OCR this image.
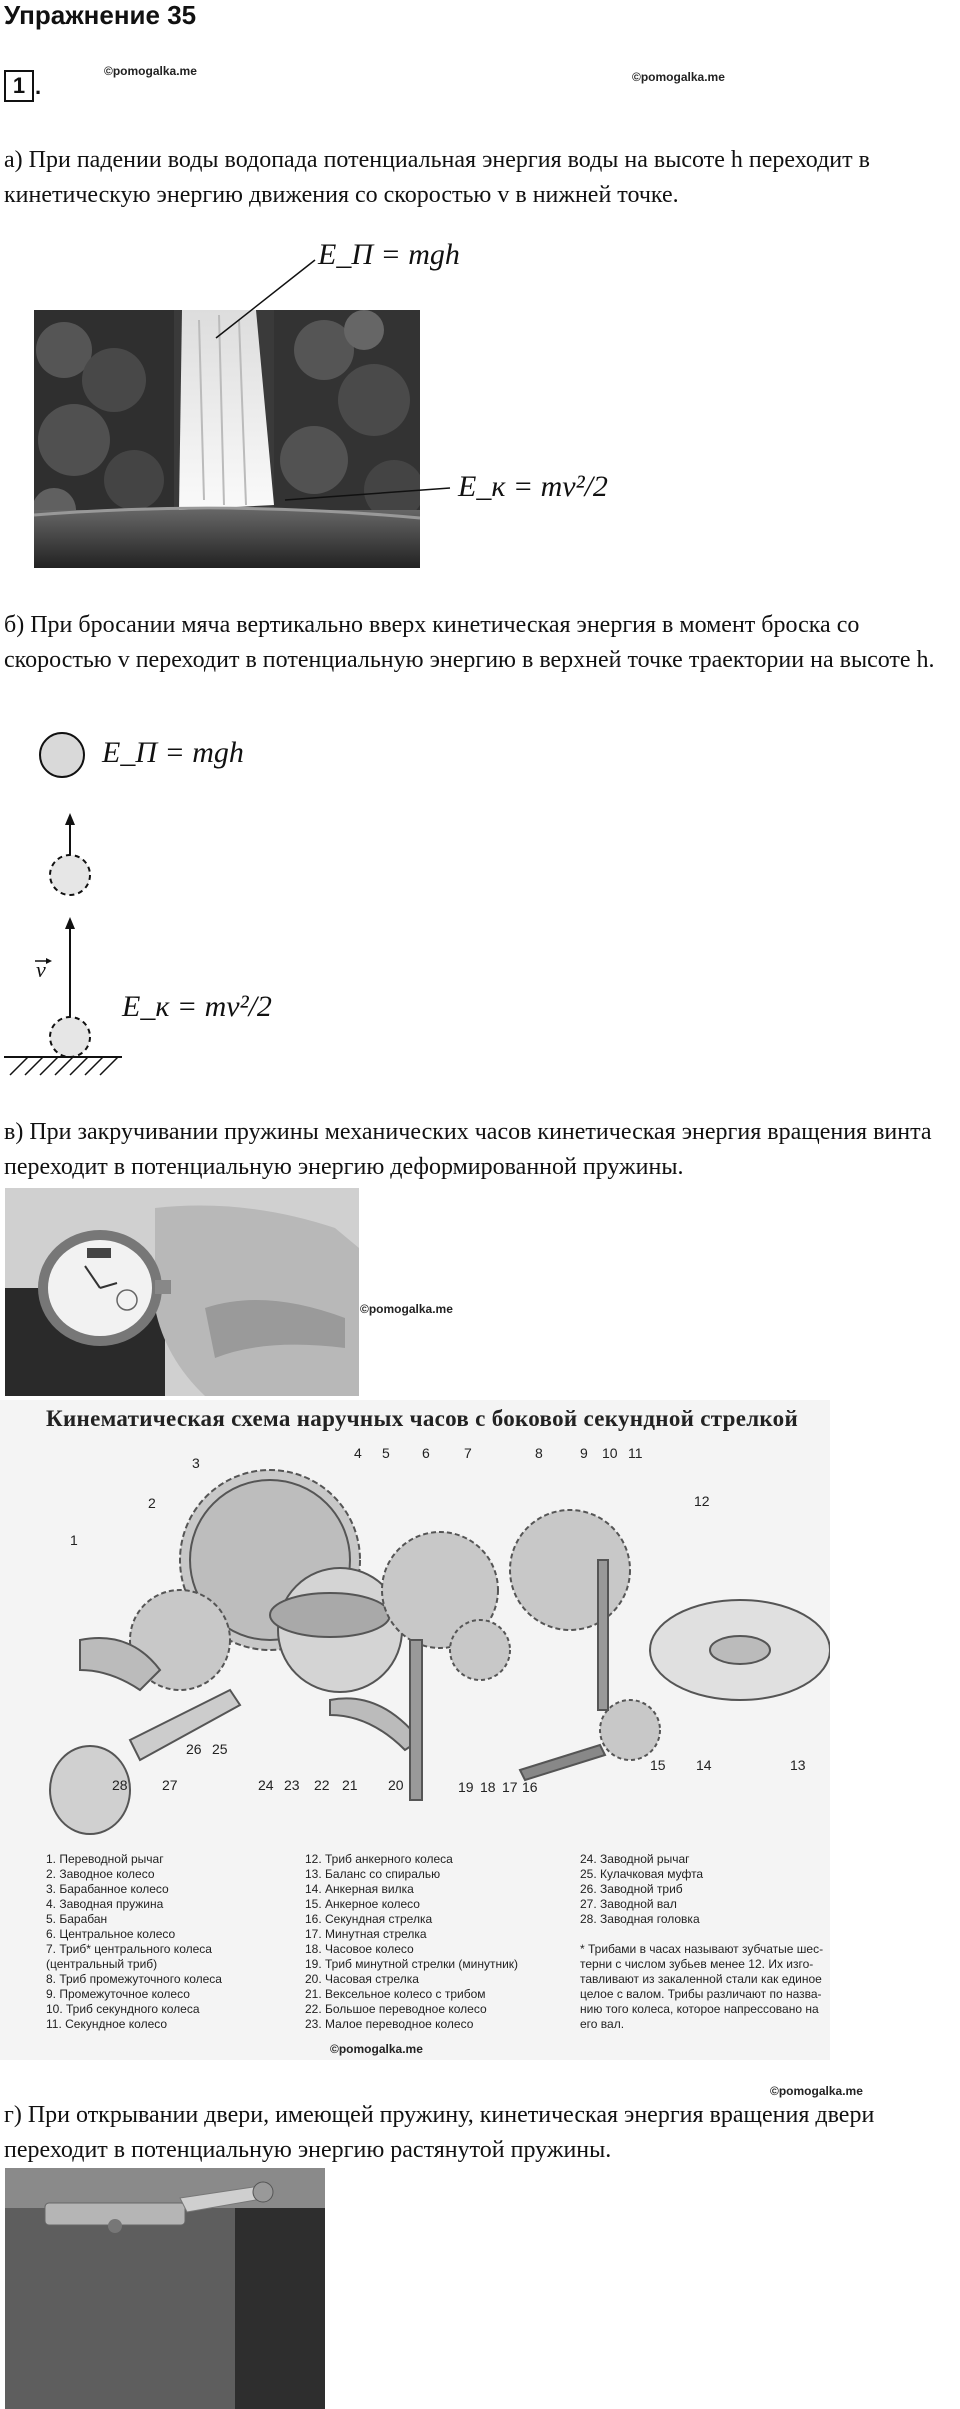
Упражнение 35
1 .
©pomogalka.me	©pomogalka.me
а) При падении воды водопада потенциальная энергия воды на высоте h переходит в кинетическую энергию движения со скоростью v в нижней точке.
E_П = mgh
E_к = mv²/2
б) При бросании мяча вертикально вверх кинетическая энергия в момент броска со скоростью v переходит в потенциальную энергию в верхней точке траектории на высоте h.
v
E_П = mgh
E_к = mv²/2
в) При закручивании пружины механических часов кинетическая энергия вращения винта переходит в потенциальную энергию деформированной пружины.
©pomogalka.me
Кинематическая схема наручных часов с боковой секундной стрелкой
1
2
3
4 5 6 7	8	9 10 11
12
13
14
15
16
17
18
19
20
21
22
23
24
25
26
27
28
1. Переводной рычаг
2. Заводное колесо
3. Барабанное колесо
4. Заводная пружина
5. Барабан
6. Центральное колесо
7. Триб* центрального колеса
(центральный триб)
8. Триб промежуточного колеса
9. Промежуточное колесо
10. Триб секундного колеса
11. Секундное колесо
12. Триб анкерного колеса
13. Баланс со спиралью
14. Анкерная вилка
15. Анкерное колесо
16. Секундная стрелка
17. Минутная стрелка
18. Часовое колесо
19. Триб минутной стрелки (минутник)
20. Часовая стрелка
21. Вексельное колесо с трибом
22. Большое переводное колесо
23. Малое переводное колесо
24. Заводной рычаг
25. Кулачковая муфта
26. Заводной триб
27. Заводной вал
28. Заводная головка
* Трибами в часах называют зубчатые шес-
терни с числом зубьев менее 12. Их изго-
тавливают из закаленной стали как единое
целое с валом. Трибы различают по назва-
нию того колеса, которое напрессовано на
его вал.
©pomogalka.me
©pomogalka.me
г) При открывании двери, имеющей пружину, кинетическая энергия вращения двери переходит в потенциальную энергию растянутой пружины.
